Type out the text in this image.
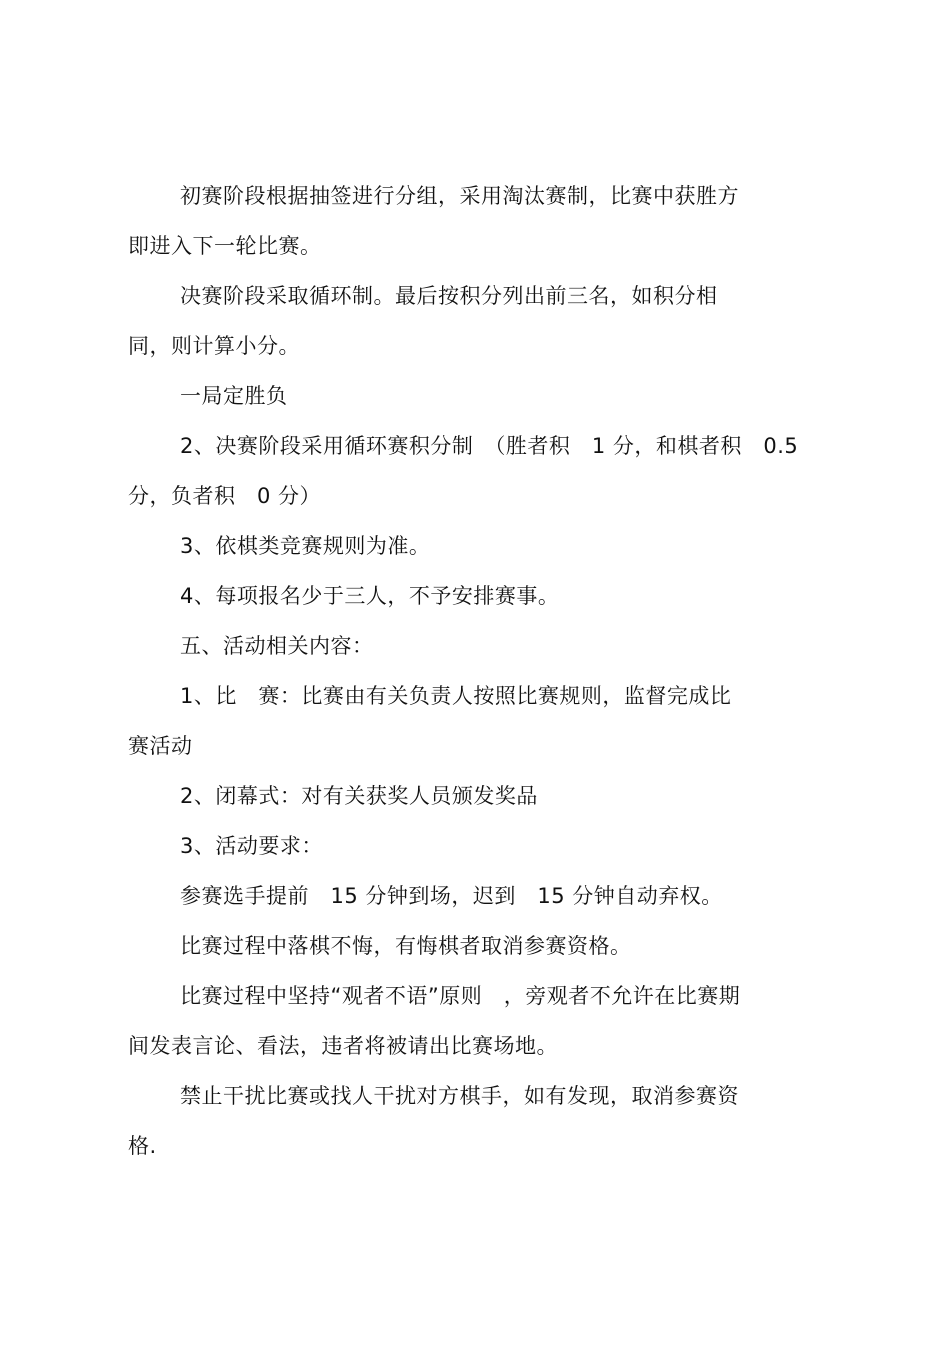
初赛阶段根据抽签进行分组，采用淘汰赛制，比赛中获胜方
即进入下一轮比赛。
决赛阶段采取循环制。最后按积分列出前三名，如积分相
同，则计算小分。
一局定胜负
2、决赛阶段采用循环赛积分制　（胜者积　1 分，和棋者积　0.5
分，负者积　0 分）
3、依棋类竞赛规则为准。
4、每项报名少于三人，不予安排赛事。
五、活动相关内容：
1、比　赛：比赛由有关负责人按照比赛规则，监督完成比
赛活动
2、闭幕式：对有关获奖人员颁发奖品
3、活动要求：
参赛选手提前　15 分钟到场，迟到　15 分钟自动弃权。
比赛过程中落棋不悔，有悔棋者取消参赛资格。
比赛过程中坚持“观者不语”原则　，旁观者不允许在比赛期
间发表言论、看法，违者将被请出比赛场地。
禁止干扰比赛或找人干扰对方棋手，如有发现，取消参赛资
格.
